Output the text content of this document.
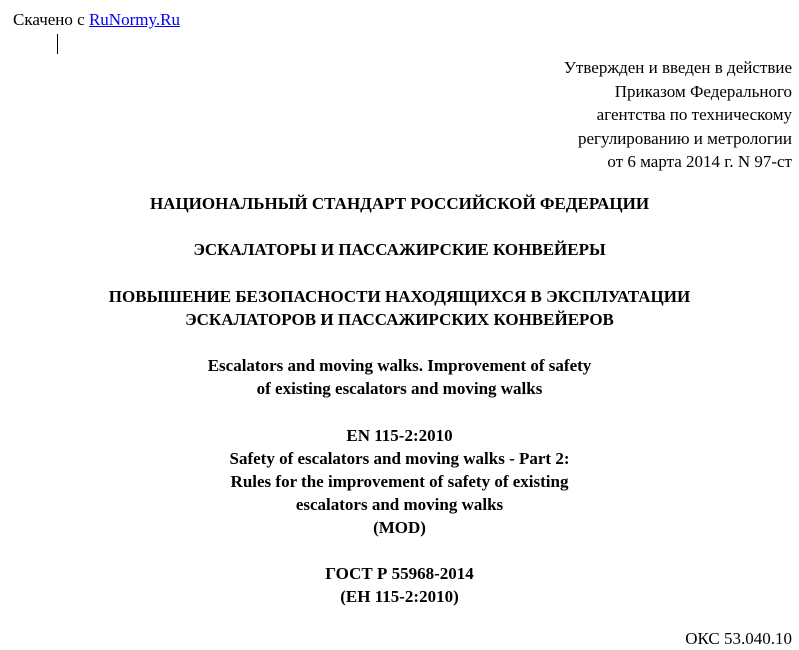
Скачено с RuNormy.Ru
Утвержден и введен в действие
Приказом Федерального
агентства по техническому
регулированию и метрологии
от 6 марта 2014 г. N 97-ст
НАЦИОНАЛЬНЫЙ СТАНДАРТ РОССИЙСКОЙ ФЕДЕРАЦИИ
ЭСКАЛАТОРЫ И ПАССАЖИРСКИЕ КОНВЕЙЕРЫ
ПОВЫШЕНИЕ БЕЗОПАСНОСТИ НАХОДЯЩИХСЯ В ЭКСПЛУАТАЦИИ
ЭСКАЛАТОРОВ И ПАССАЖИРСКИХ КОНВЕЙЕРОВ
Escalators and moving walks. Improvement of safety
of existing escalators and moving walks
EN 115-2:2010
Safety of escalators and moving walks - Part 2:
Rules for the improvement of safety of existing
escalators and moving walks
(MOD)
ГОСТ Р 55968-2014
(ЕН 115-2:2010)
ОКС 53.040.10
